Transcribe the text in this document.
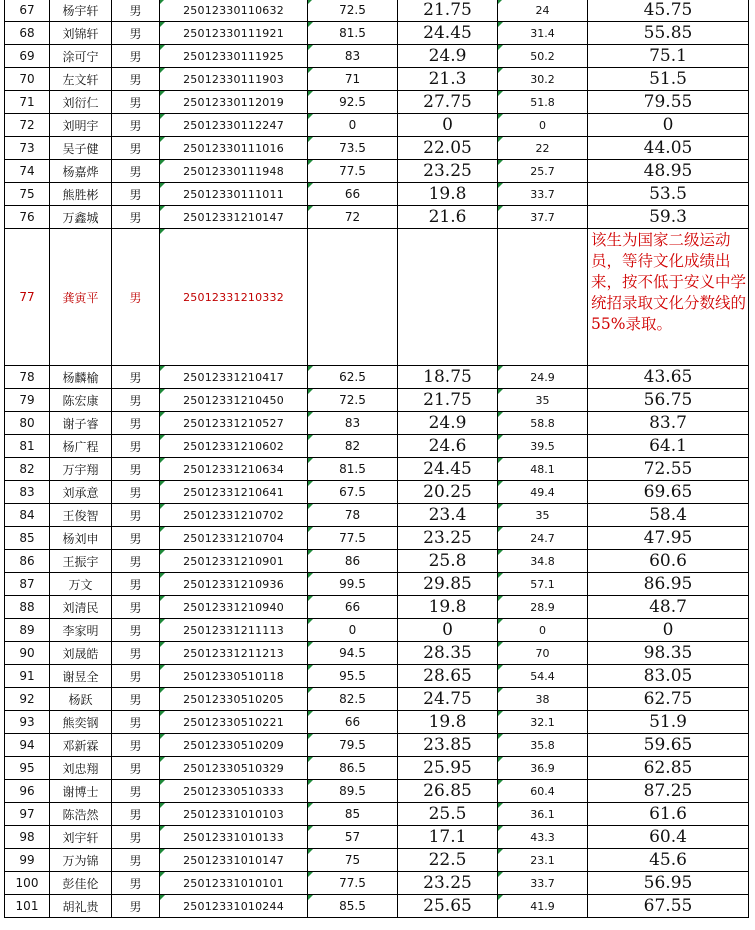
67	杨宇轩	男	25012330110632	72.5	21.75	24	45.75
68	刘锦轩	男	25012330111921	81.5	24.45	31.4	55.85
69	涂可宁	男	25012330111925	83	24.9	50.2	75.1
70	左文轩	男	25012330111903	71	21.3	30.2	51.5
71	刘衍仁	男	25012330112019	92.5	27.75	51.8	79.55
72	刘明宇	男	25012330112247	0	0	0	0
73	吴子健	男	25012330111016	73.5	22.05	22	44.05
74	杨嘉烨	男	25012330111948	77.5	23.25	25.7	48.95
75	熊胜彬	男	25012330111011	66	19.8	33.7	53.5
76	万鑫城	男	25012331210147	72	21.6	37.7	59.3
77	龚寅平	男	25012331210332				该生为国家二级运动员，等待文化成绩出来，按不低于安义中学统招录取文化分数线的55%录取。
78	杨麟榆	男	25012331210417	62.5	18.75	24.9	43.65
79	陈宏康	男	25012331210450	72.5	21.75	35	56.75
80	谢子睿	男	25012331210527	83	24.9	58.8	83.7
81	杨广程	男	25012331210602	82	24.6	39.5	64.1
82	万宇翔	男	25012331210634	81.5	24.45	48.1	72.55
83	刘承意	男	25012331210641	67.5	20.25	49.4	69.65
84	王俊智	男	25012331210702	78	23.4	35	58.4
85	杨刘申	男	25012331210704	77.5	23.25	24.7	47.95
86	王振宇	男	25012331210901	86	25.8	34.8	60.6
87	万文	男	25012331210936	99.5	29.85	57.1	86.95
88	刘清民	男	25012331210940	66	19.8	28.9	48.7
89	李家明	男	25012331211113	0	0	0	0
90	刘晟皓	男	25012331211213	94.5	28.35	70	98.35
91	谢昱全	男	25012330510118	95.5	28.65	54.4	83.05
92	杨跃	男	25012330510205	82.5	24.75	38	62.75
93	熊奕钢	男	25012330510221	66	19.8	32.1	51.9
94	邓新霖	男	25012330510209	79.5	23.85	35.8	59.65
95	刘忠翔	男	25012330510329	86.5	25.95	36.9	62.85
96	谢博士	男	25012330510333	89.5	26.85	60.4	87.25
97	陈浩然	男	25012331010103	85	25.5	36.1	61.6
98	刘宇轩	男	25012331010133	57	17.1	43.3	60.4
99	万为锦	男	25012331010147	75	22.5	23.1	45.6
100	彭佳伦	男	25012331010101	77.5	23.25	33.7	56.95
101	胡礼贵	男	25012331010244	85.5	25.65	41.9	67.55
